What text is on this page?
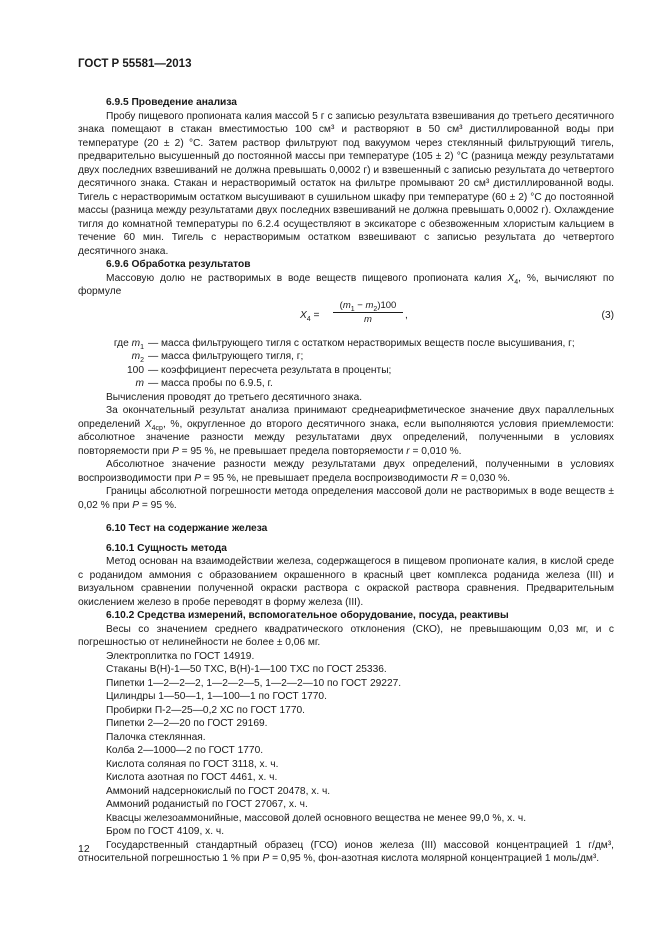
ГОСТ Р 55581—2013

6.9.5 Проведение анализа

Пробу пищевого пропионата калия массой 5 г с записью результата взвешивания до третьего десятичного знака помещают в стакан вместимостью 100 см³ и растворяют в 50 см³ дистиллированной воды при температуре (20 ± 2) °С. Затем раствор фильтруют под вакуумом через стеклянный фильтрующий тигель, предварительно высушенный до постоянной массы при температуре (105 ± 2) °С (разница между результатами двух последних взвешиваний не должна превышать 0,0002 г) и взвешенный с записью результата до четвертого десятичного знака. Стакан и нерастворимый остаток на фильтре промывают 20 см³ дистиллированной воды. Тигель с нерастворимым остатком высушивают в сушильном шкафу при температуре (60 ± 2) °С до постоянной массы (разница между результатами двух последних взвешиваний не должна превышать 0,0002 г). Охлаждение тигля до комнатной температуры по 6.2.4 осуществляют в эксикаторе с обезвоженным хлористым кальцием в течение 60 мин. Тигель с нерастворимым остатком взвешивают с записью результата до четвертого десятичного знака.

6.9.6 Обработка результатов

Массовую долю не растворимых в воде веществ пищевого пропионата калия $X_4$, %, вычисляют по формуле

$X_4 = \frac{(m_1 - m_2)100}{m}$ ,	(3)
где $m_1$ — масса фильтрующего тигля с остатком нерастворимых веществ после высушивания, г;
$m_2$ — масса фильтрующего тигля, г;
100 — коэффициент пересчета результата в проценты;
m — масса пробы по 6.9.5, г.

Вычисления проводят до третьего десятичного знака.

За окончательный результат анализа принимают среднеарифметическое значение двух параллельных определений $X_{4ср}$, %, округленное до второго десятичного знака, если выполняются условия приемлемости: абсолютное значение разности между результатами двух определений, полученными в условиях повторяемости при P = 95 %, не превышает предела повторяемости r = 0,010 %.

Абсолютное значение разности между результатами двух определений, полученными в условиях воспроизводимости при P = 95 %, не превышает предела воспроизводимости R = 0,030 %.

Границы абсолютной погрешности метода определения массовой доли не растворимых в воде веществ ± 0,02 % при P = 95 %.

6.10 Тест на содержание железа

6.10.1 Сущность метода

Метод основан на взаимодействии железа, содержащегося в пищевом пропионате калия, в кислой среде с роданидом аммония с образованием окрашенного в красный цвет комплекса роданида железа (III) и визуальном сравнении полученной окраски раствора с окраской раствора сравнения. Предварительным окислением железо в пробе переводят в форму железа (III).

6.10.2 Средства измерений, вспомогательное оборудование, посуда, реактивы

Весы со значением среднего квадратического отклонения (СКО), не превышающим 0,03 мг, и с погрешностью от нелинейности не более ± 0,06 мг.

Электроплитка по ГОСТ 14919.

Стаканы В(Н)-1—50 ТХС, В(Н)-1—100 ТХС по ГОСТ 25336.

Пипетки 1—2—2—2, 1—2—2—5, 1—2—2—10 по ГОСТ 29227.

Цилиндры 1—50—1, 1—100—1 по ГОСТ 1770.

Пробирки П-2—25—0,2 ХС по ГОСТ 1770.

Пипетки 2—2—20 по ГОСТ 29169.

Палочка стеклянная.

Колба 2—1000—2 по ГОСТ 1770.

Кислота соляная по ГОСТ 3118, х. ч.

Кислота азотная по ГОСТ 4461, х. ч.

Аммоний надсернокислый по ГОСТ 20478, х. ч.

Аммоний роданистый по ГОСТ 27067, х. ч.

Квасцы железоаммонийные, массовой долей основного вещества не менее 99,0 %, х. ч.

Бром по ГОСТ 4109, х. ч.

Государственный стандартный образец (ГСО) ионов железа (III) массовой концентрацией 1 г/дм³, относительной погрешностью 1 % при P = 0,95 %, фон-азотная кислота молярной концентрацией 1 моль/дм³.

12
